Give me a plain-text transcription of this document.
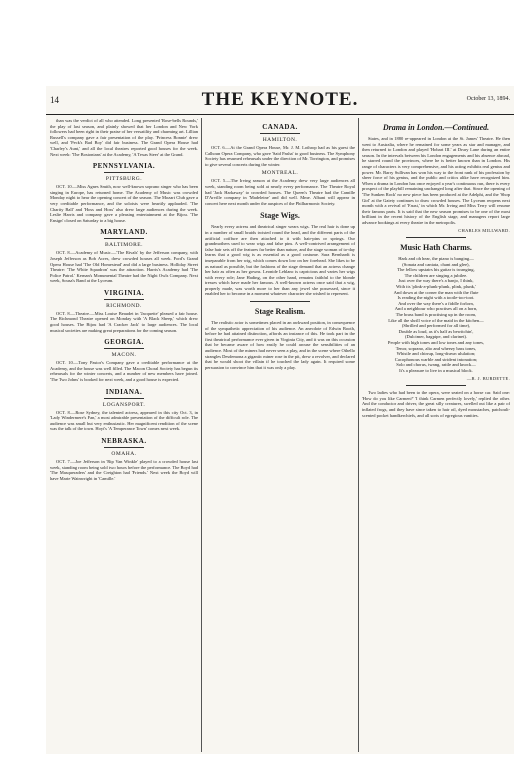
14	THE KEYNOTE.	October 13, 1894.

than was the verdict of all who attended. Long presented 'Rose-bells Rounds,' the play of last season, and plainly showed that her London and New York followers had been right in their praise of her versatility and charming art. Lillian Russell's company gave a fair presentation of the play. 'Princess Bonnie' drew well, and 'Peck's Bad Boy' did fair business. The Grand Opera House had 'Charley's Aunt,' and all the local theatres reported good houses for the week. Next week: 'The Bostonians' at the Academy, 'A Texas Steer' at the Grand.

PENNSYLVANIA.
PITTSBURG.

OCT. 10.—Miss Agnes Smith, now well-known soprano singer who has been singing in Europe, has returned home. The Academy of Music was crowded Monday night to hear the opening concert of the season. The Mozart Club gave a very creditable performance, and the soloists were heartily applauded. 'The Charity Ball' and 'Hoss and Hoss' also drew large audiences during the week. Leslie Harris and company gave a pleasing entertainment at the Bijou. 'The Ensign' closed on Saturday to a big house.

MARYLAND.
BALTIMORE.

OCT. 8.—Academy of Music.—'The Rivals' by the Jefferson company, with Joseph Jefferson as Bob Acres, drew crowded houses all week. Ford's Grand Opera House had 'The Old Homestead' and did a large business. Holliday Street Theatre: 'The White Squadron' was the attraction. Harris's Academy had 'The Police Patrol.' Kernan's Monumental Theatre had the Night Owls Company. Next week, Sousa's Band at the Lyceum.

VIRGINIA.
RICHMOND.

OCT. 8.—Theatre.—Miss Louise Beaudet in 'Jacquette' pleased a fair house. The Richmond Theatre opened on Monday with 'A Black Sheep,' which drew good houses. The Bijou had 'A Cracker Jack' to large audiences. The local musical societies are making great preparations for the coming season.

GEORGIA.
MACON.

OCT. 10.—Tony Pastor's Company gave a creditable performance at the Academy, and the house was well filled. The Macon Choral Society has begun its rehearsals for the winter concerts, and a number of new members have joined. 'The Two Johns' is booked for next week, and a good house is expected.

INDIANA.
LOGANSPORT.

OCT. 8.—Rose Sydney, the talented actress, appeared in this city Oct. 3, in 'Lady Windermere's Fan,' a most admirable presentation of the difficult role. The audience was small but very enthusiastic. Her magnificent rendition of the scene was the talk of the town. Hoyt's 'A Temperance Town' comes next week.

NEBRASKA.
OMAHA.

OCT. 7.—Joe Jefferson in 'Rip Van Winkle' played to a crowded house last week, standing room being sold two hours before the performance. The Boyd had 'The Masqueraders' and the Creighton had 'Friends.' Next week the Boyd will have Marie Wainwright in 'Camille.'

CANADA.
HAMILTON.

OCT. 6.—At the Grand Opera House, Mr. J. M. Lothrop had as his guest the Calhoun Opera Company, who gave 'Said Pasha' to good business. The Symphony Society has resumed rehearsals under the direction of Mr. Torrington, and promises to give several concerts during the winter.

MONTREAL.

OCT. 5.—The Irving season at the Academy drew very large audiences all week, standing room being sold at nearly every performance. The Theatre Royal had 'Jack Harkaway' to crowded houses. The Queen's Theatre had the Camille D'Arville company in 'Madeleine' and did well. Mme. Albani will appear in concert here next month under the auspices of the Philharmonic Society.

Stage Wigs.

Nearly every actress and theatrical singer wears wigs. The real hair is done up in a number of small braids twisted round the head, and the different parts of the artificial coiffure are then attached to it with hair-pins or springs. Our grandmothers used to wear wigs and false pins. A well-contrived arrangement of false hair sets off the features far better than nature, and the stage woman of to-day learns that a good wig is as essential as a good costume. Sara Bernhardt is inseparable from her wig, which comes down low on her forehead. She likes to be as natural as possible, but the fashions of the stage demand that an actress change her hair as often as her gowns. Leonide Leblanc is capricious and varies her wigs with every role; Jane Hading, on the other hand, remains faithful to the blonde tresses which have made her famous. A well-known actress once said that a wig, properly made, was worth more to her than any jewel she possessed, since it enabled her to become in a moment whatever character she wished to represent.

Stage Realism.

The realistic actor is sometimes placed in an awkward position, in consequence of the sympathetic appreciation of his audience. An anecdote of Edwin Booth, before he had attained distinction, affords an instance of this. He took part in the first theatrical performance ever given in Virginia City, and it was on this occasion that he became aware of how easily he could arouse the sensibilities of an audience. Most of the miners had never seen a play, and in the scene where Othello strangles Desdemona a gigantic miner rose in the pit, drew a revolver, and declared that he would shoot the villain if he touched the lady again. It required some persuasion to convince him that it was only a play.

Drama in London.—Continued.

States, and in 1880 re-appeared in London at the St. James' Theatre. He then went to Australia, where he remained for some years as star and manager, and then returned to London and played 'Hobart III.' at Drury Lane during an entire season. In the intervals between his London engagements and his absence abroad, he starred round the provinces, where he is better known than in London. His range of characters is very comprehensive, and his acting exhibits real genius and power. Mr. Barry Sullivan has won his way to the front rank of his profession by sheer force of his genius, and the public and critics alike have recognized him. When a drama in London has once enjoyed a year's continuous run, there is every prospect of the playbill remaining unchanged long after that. Since the opening of 'The Sunken Rock' no new piece has been produced at the Adelphi, and the 'Shop Girl' at the Gaiety continues to draw crowded houses. The Lyceum reopens next month with a revival of 'Faust,' in which Mr. Irving and Miss Terry will resume their famous parts. It is said that the new season promises to be one of the most brilliant in the recent history of the English stage, and managers report large advance bookings at every theatre in the metropolis.

CHARLES MILLWARD.
Music Hath Charms.
Hark and oh hear, the piano is banging—
(Sonata and cantata, chant and glee),
The fellow upstairs his guitar is twanging,
The children are singing a jubilee.
Just over the way there's a banjo, I think,
With its 'plink-a-plunk-plunk, plink, plunk,'
And down at the corner the man with the flute
Is reading the night with a tootle-too-toot.
And over the way there's a fiddle forlorn,
And a neighbour who practises all on a horn,
The brass band is practising up in the room,
Like all the shrill voice of the maid in the kitchen—
(Shrilled and performed for all time),
Double as loud, as it's half as bewitchin',
(Dulcimer, bagpipe, and clarinet).
People with high tones and low tones and any tones,
Tenor, soprano, alto and wheezy bass tones,
Whistle and chirrup, long-drawn ululation;
Cacophonous warble and strident intonation;
Solo and chorus, twang, rattle and knock—
It's a pleasure to live in a musical block.
—R. J. BURDETTE.

Two ladies who had been to the opera, were seated on a horse car. Said one: 'How do you like Carmen?' 'I think Carmen perfectly lovely,' replied the other. And the conductor and driver, the great silly creatures, swelled out like a pair of inflated frogs, and they have since taken to hair oil, dyed moustaches, patchouli-scented pocket handkerchiefs, and all sorts of egregious vanities.
